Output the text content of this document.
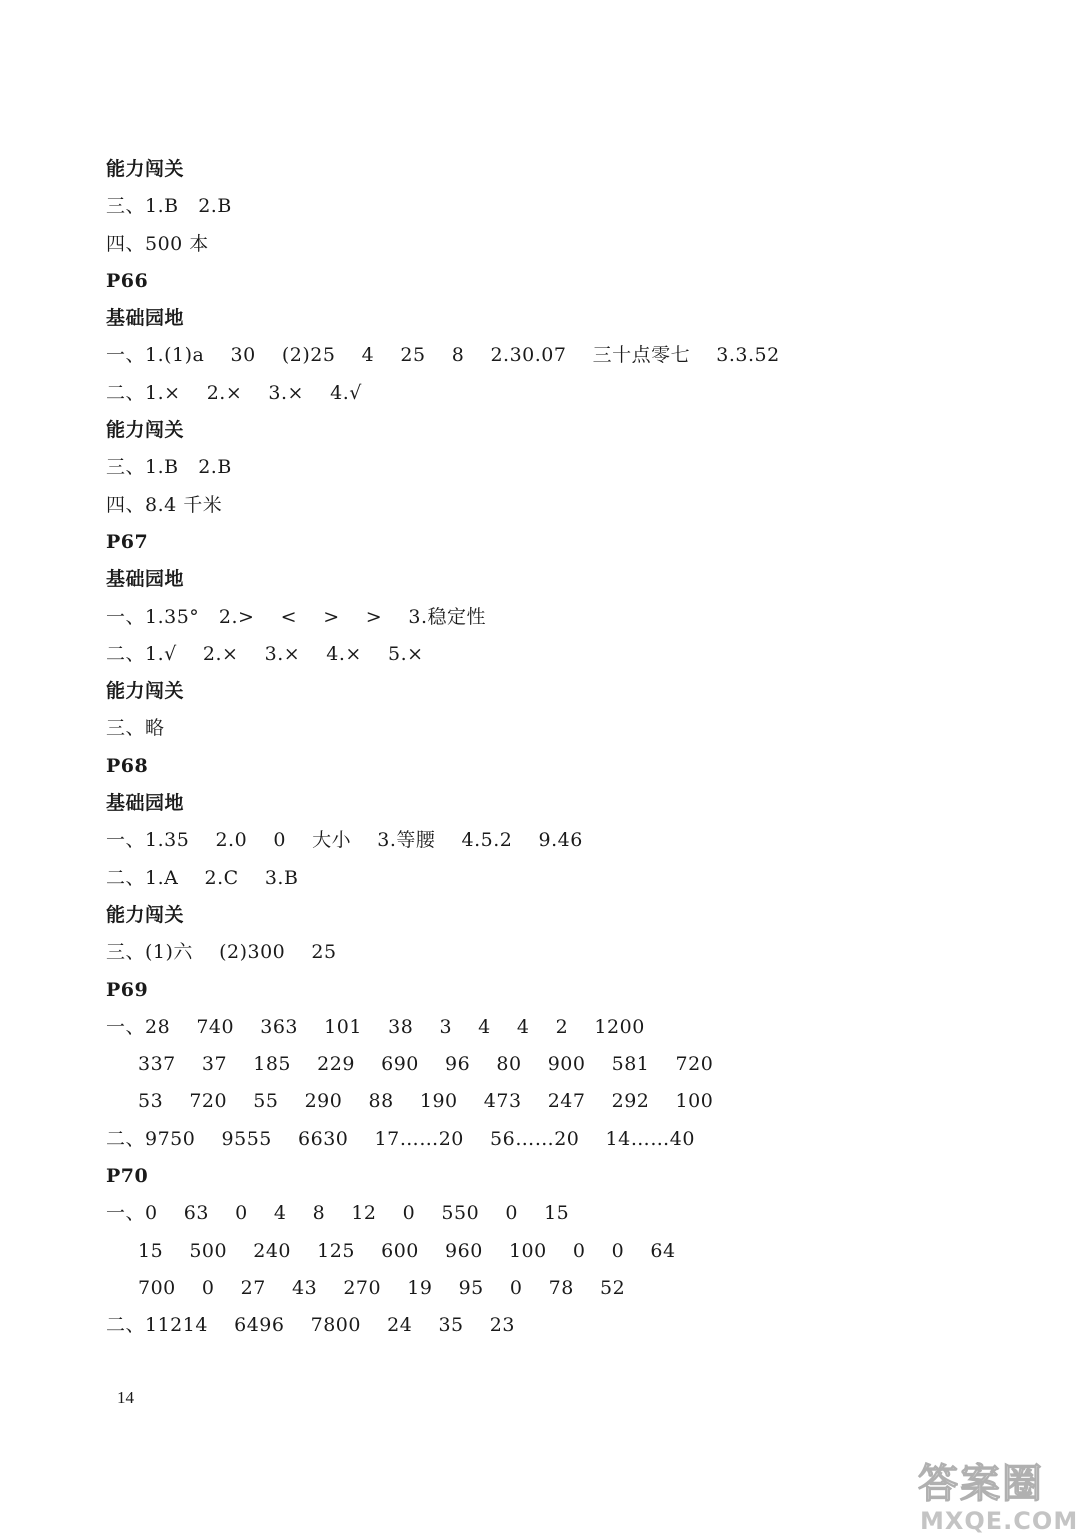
能力闯关
三、1.B   2.B
四、500 本
P66
基础园地
一、1.(1)a    30    (2)25    4    25    8    2.30.07    三十点零七    3.3.52
二、1.×    2.×    3.×    4.√
能力闯关
三、1.B   2.B
四、8.4 千米
P67
基础园地
一、1.35°   2.>    <    >    >    3.稳定性
二、1.√    2.×    3.×    4.×    5.×
能力闯关
三、略
P68
基础园地
一、1.35    2.0    0    大小    3.等腰    4.5.2    9.46
二、1.A    2.C    3.B
能力闯关
三、(1)六    (2)300    25
P69
一、28    740    363    101    38    3    4    4    2    1200
337    37    185    229    690    96    80    900    581    720
53    720    55    290    88    190    473    247    292    100
二、9750    9555    6630    17……20    56……20    14……40
P70
一、0    63    0    4    8    12    0    550    0    15
15    500    240    125    600    960    100    0    0    64
700    0    27    43    270    19    95    0    78    52
二、11214    6496    7800    24    35    23
14
答案圈
MXQE.COM
